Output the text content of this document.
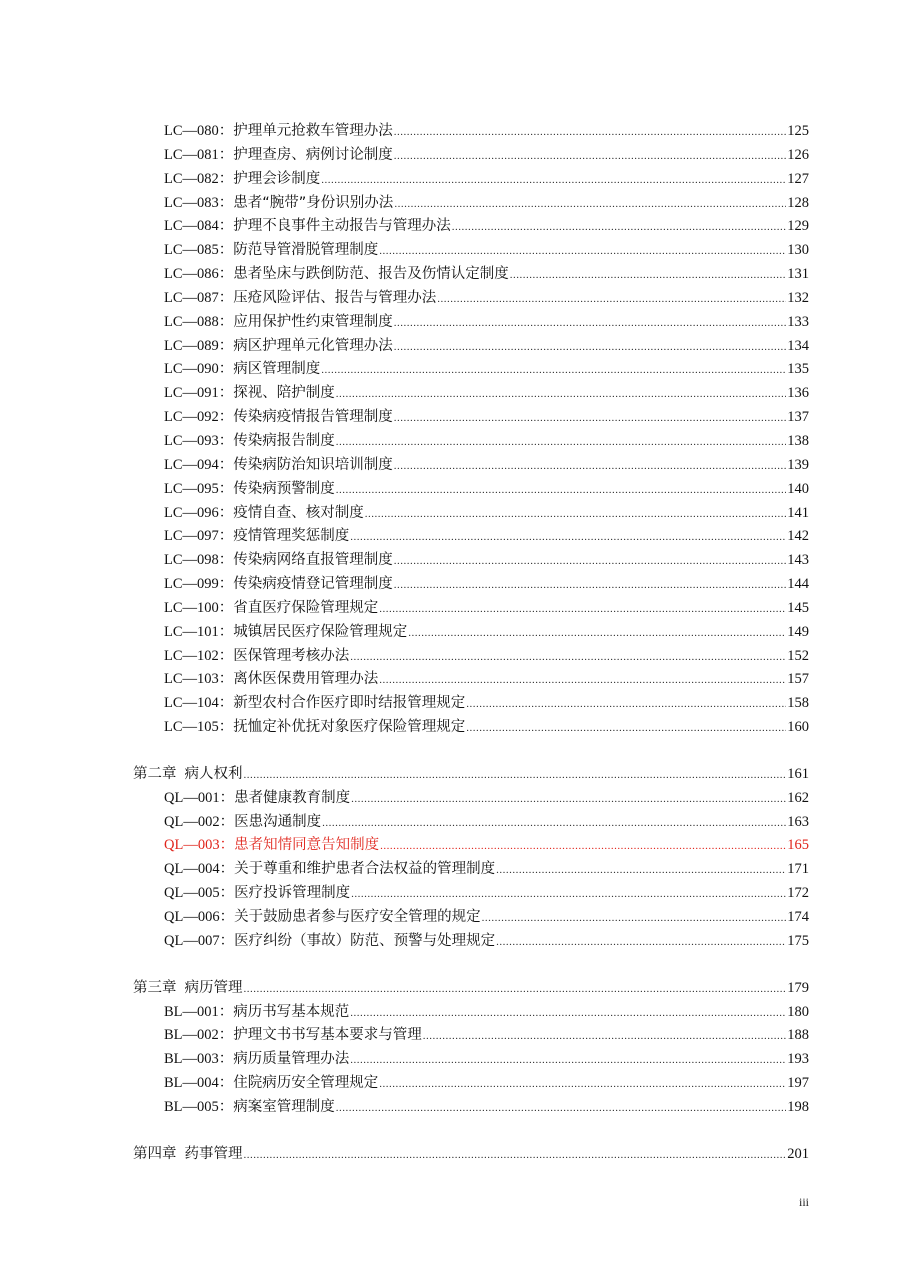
LC—080：护理单元抢救车管理办法 .....	125
LC—081：护理查房、病例讨论制度 .....	126
LC—082：护理会诊制度 .....	127
LC—083：患者“腕带”身份识别办法 .....	128
LC—084：护理不良事件主动报告与管理办法 .....	129
LC—085：防范导管滑脱管理制度 .....	130
LC—086：患者坠床与跌倒防范、报告及伤情认定制度 .....	131
LC—087：压疮风险评估、报告与管理办法 .....	132
LC—088：应用保护性约束管理制度 .....	133
LC—089：病区护理单元化管理办法 .....	134
LC—090：病区管理制度 .....	135
LC—091：探视、陪护制度 .....	136
LC—092：传染病疫情报告管理制度 .....	137
LC—093：传染病报告制度 .....	138
LC—094：传染病防治知识培训制度 .....	139
LC—095：传染病预警制度 .....	140
LC—096：疫情自查、核对制度 .....	141
LC—097：疫情管理奖惩制度 .....	142
LC—098：传染病网络直报管理制度 .....	143
LC—099：传染病疫情登记管理制度 .....	144
LC—100：省直医疗保险管理规定 .....	145
LC—101：城镇居民医疗保险管理规定 .....	149
LC—102：医保管理考核办法 .....	152
LC—103：离休医保费用管理办法 .....	157
LC—104：新型农村合作医疗即时结报管理规定 .....	158
LC—105：抚恤定补优抚对象医疗保险管理规定 .....	160
第二章 病人权利 .....	161
QL—001：患者健康教育制度 .....	162
QL—002：医患沟通制度 .....	163
QL—003：患者知情同意告知制度 .....	165
QL—004：关于尊重和维护患者合法权益的管理制度 .....	171
QL—005：医疗投诉管理制度 .....	172
QL—006：关于鼓励患者参与医疗安全管理的规定 .....	174
QL—007：医疗纠纷（事故）防范、预警与处理规定 .....	175
第三章 病历管理 .....	179
BL—001：病历书写基本规范 .....	180
BL—002：护理文书书写基本要求与管理 .....	188
BL—003：病历质量管理办法 .....	193
BL—004：住院病历安全管理规定 .....	197
BL—005：病案室管理制度 .....	198
第四章 药事管理 .....	201
iii
